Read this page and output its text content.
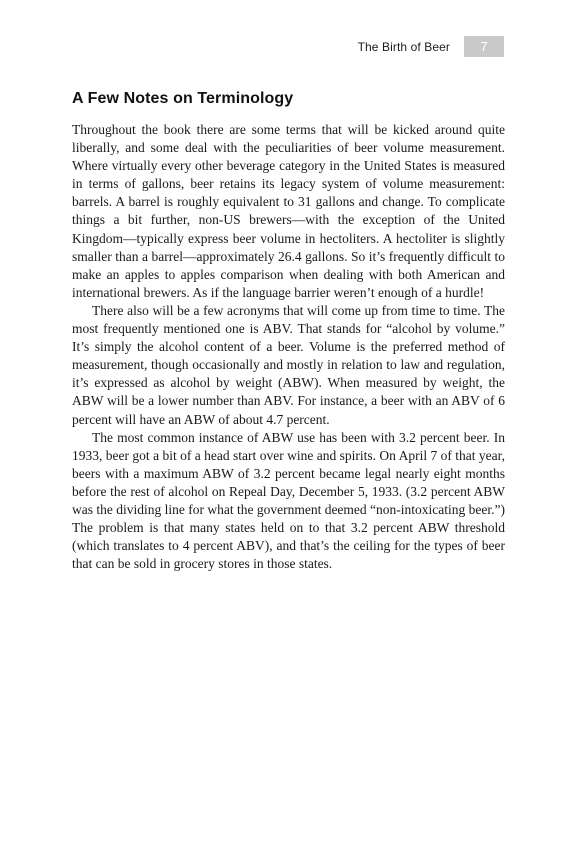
The Birth of Beer	7
A Few Notes on Terminology

Throughout the book there are some terms that will be kicked around quite liberally, and some deal with the peculiarities of beer volume measurement. Where virtually every other beverage category in the United States is measured in terms of gallons, beer retains its legacy system of volume measurement: barrels. A barrel is roughly equivalent to 31 gallons and change. To complicate things a bit further, non-US brewers—with the exception of the United Kingdom—typically express beer volume in hectoliters. A hectoliter is slightly smaller than a barrel—approximately 26.4 gallons. So it’s frequently difficult to make an apples to apples comparison when dealing with both American and international brewers. As if the language barrier weren’t enough of a hurdle!

There also will be a few acronyms that will come up from time to time. The most frequently mentioned one is ABV. That stands for “alcohol by volume.” It’s simply the alcohol content of a beer. Volume is the preferred method of measurement, though occasionally and mostly in relation to law and regulation, it’s expressed as alcohol by weight (ABW). When measured by weight, the ABW will be a lower number than ABV. For instance, a beer with an ABV of 6 percent will have an ABW of about 4.7 percent.

The most common instance of ABW use has been with 3.2 percent beer. In 1933, beer got a bit of a head start over wine and spirits. On April 7 of that year, beers with a maximum ABW of 3.2 percent became legal nearly eight months before the rest of alcohol on Repeal Day, December 5, 1933. (3.2 percent ABW was the dividing line for what the government deemed “non-intoxicating beer.”) The problem is that many states held on to that 3.2 percent ABW threshold (which translates to 4 percent ABV), and that’s the ceiling for the types of beer that can be sold in grocery stores in those states.
